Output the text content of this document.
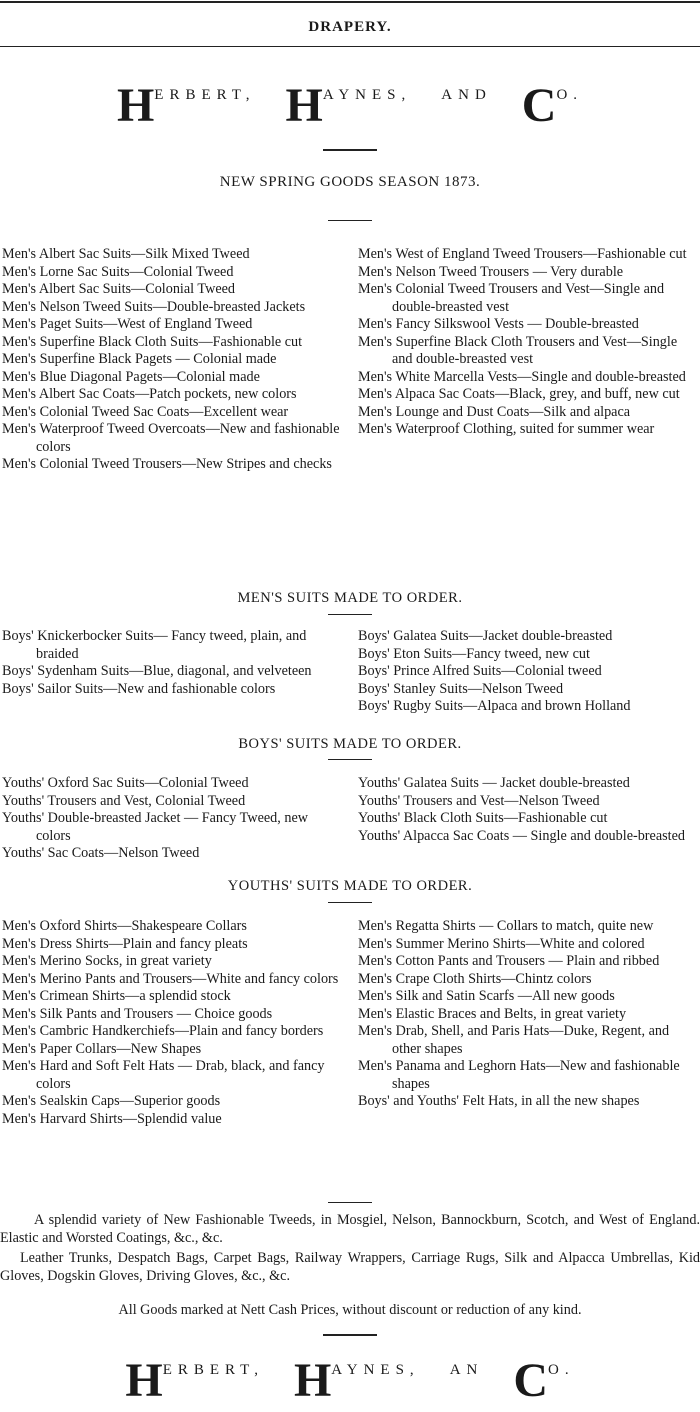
DRAPERY.
HERBERT, HAYNES, AND CO.
NEW SPRING GOODS SEASON 1873.
Men's Albert Sac Suits—Silk Mixed Tweed
Men's Lorne Sac Suits—Colonial Tweed
Men's Albert Sac Suits—Colonial Tweed
Men's Nelson Tweed Suits—Double-breasted Jackets
Men's Paget Suits—West of England Tweed
Men's Superfine Black Cloth Suits—Fashionable cut
Men's Superfine Black Pagets — Colonial made
Men's Blue Diagonal Pagets—Colonial made
Men's Albert Sac Coats—Patch pockets, new colors
Men's Colonial Tweed Sac Coats—Excellent wear
Men's Waterproof Tweed Overcoats—New and fashionable colors
Men's Colonial Tweed Trousers—New Stripes and checks
Men's West of England Tweed Trousers—Fashionable cut
Men's Nelson Tweed Trousers — Very durable
Men's Colonial Tweed Trousers and Vest—Single and double-breasted vest
Men's Fancy Silkswool Vests — Double-breasted
Men's Superfine Black Cloth Trousers and Vest—Single and double-breasted vest
Men's White Marcella Vests—Single and double-breasted
Men's Alpaca Sac Coats—Black, grey, and buff, new cut
Men's Lounge and Dust Coats—Silk and alpaca
Men's Waterproof Clothing, suited for summer wear
MEN'S SUITS MADE TO ORDER.
Boys' Knickerbocker Suits— Fancy tweed, plain, and braided
Boys' Sydenham Suits—Blue, diagonal, and velveteen
Boys' Sailor Suits—New and fashionable colors
Boys' Galatea Suits—Jacket double-breasted
Boys' Eton Suits—Fancy tweed, new cut
Boys' Prince Alfred Suits—Colonial tweed
Boys' Stanley Suits—Nelson Tweed
Boys' Rugby Suits—Alpaca and brown Holland
BOYS' SUITS MADE TO ORDER.
Youths' Oxford Sac Suits—Colonial Tweed
Youths' Trousers and Vest, Colonial Tweed
Youths' Double-breasted Jacket — Fancy Tweed, new colors
Youths' Sac Coats—Nelson Tweed
Youths' Galatea Suits — Jacket double-breasted
Youths' Trousers and Vest—Nelson Tweed
Youths' Black Cloth Suits—Fashionable cut
Youths' Alpacca Sac Coats — Single and double-breasted
YOUTHS' SUITS MADE TO ORDER.
Men's Oxford Shirts—Shakespeare Collars
Men's Dress Shirts—Plain and fancy pleats
Men's Merino Socks, in great variety
Men's Merino Pants and Trousers—White and fancy colors
Men's Crimean Shirts—a splendid stock
Men's Silk Pants and Trousers — Choice goods
Men's Cambric Handkerchiefs—Plain and fancy borders
Men's Paper Collars—New Shapes
Men's Hard and Soft Felt Hats — Drab, black, and fancy colors
Men's Sealskin Caps—Superior goods
Men's Harvard Shirts—Splendid value
Men's Regatta Shirts — Collars to match, quite new
Men's Summer Merino Shirts—White and colored
Men's Cotton Pants and Trousers — Plain and ribbed
Men's Crape Cloth Shirts—Chintz colors
Men's Silk and Satin Scarfs —All new goods
Men's Elastic Braces and Belts, in great variety
Men's Drab, Shell, and Paris Hats—Duke, Regent, and other shapes
Men's Panama and Leghorn Hats—New and fashionable shapes
Boys' and Youths' Felt Hats, in all the new shapes
A splendid variety of New Fashionable Tweeds, in Mosgiel, Nelson, Bannockburn, Scotch, and West of England. Elastic and Worsted Coatings, &c., &c.
Leather Trunks, Despatch Bags, Carpet Bags, Railway Wrappers, Carriage Rugs, Silk and Alpacca Umbrellas, Kid Gloves, Dogskin Gloves, Driving Gloves, &c., &c.
All Goods marked at Nett Cash Prices, without discount or reduction of any kind.
HERBERT, HAYNES, AN CO.
